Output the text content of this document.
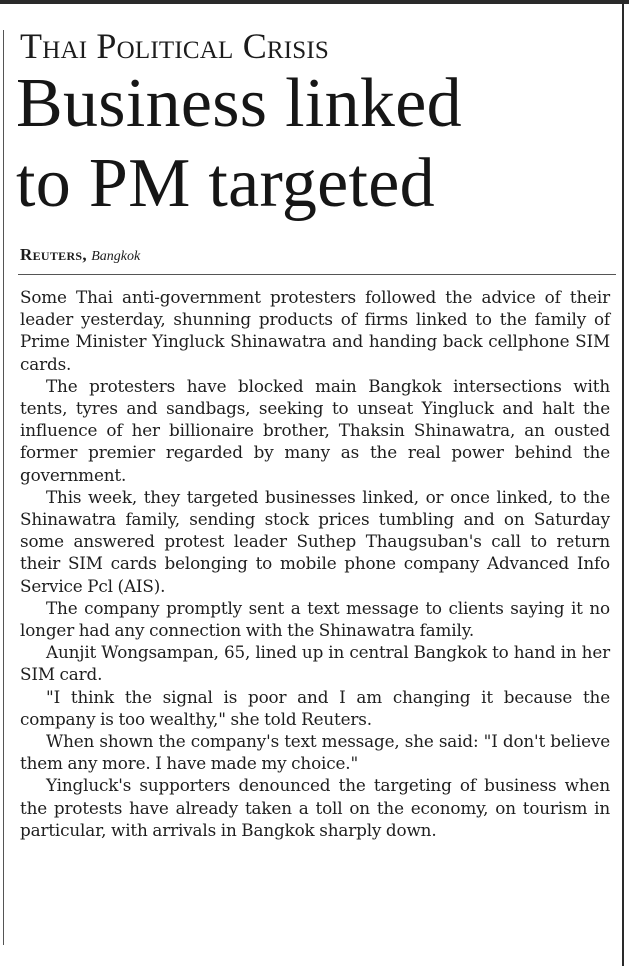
Thai Political Crisis
Business linked
to PM targeted

Reuters, Bangkok

Some Thai anti-government protesters followed the advice of their leader yesterday, shunning products of firms linked to the family of Prime Minister Yingluck Shinawatra and handing back cellphone SIM cards.

The protesters have blocked main Bangkok intersections with tents, tyres and sandbags, seeking to unseat Yingluck and halt the influence of her billionaire brother, Thaksin Shinawatra, an ousted former premier regarded by many as the real power behind the government.

This week, they targeted businesses linked, or once linked, to the Shinawatra family, sending stock prices tumbling and on Saturday some answered protest leader Suthep Thaugsuban's call to return their SIM cards belonging to mobile phone company Advanced Info Service Pcl (AIS).

The company promptly sent a text message to clients saying it no longer had any connection with the Shinawatra family.

Aunjit Wongsampan, 65, lined up in central Bangkok to hand in her SIM card.

"I think the signal is poor and I am changing it because the company is too wealthy," she told Reuters.

When shown the company's text message, she said: "I don't believe them any more. I have made my choice."

Yingluck's supporters denounced the targeting of business when the protests have already taken a toll on the economy, on tourism in particular, with arrivals in Bangkok sharply down.
